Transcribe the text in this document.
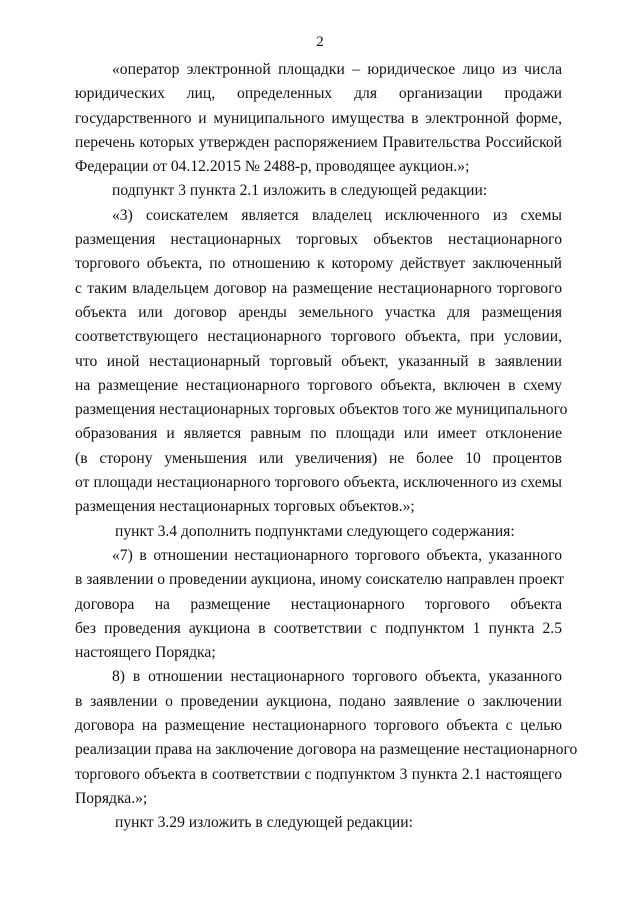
2
«оператор электронной площадки – юридическое лицо из числа
юридических лиц, определенных для организации продажи
государственного и муниципального имущества в электронной форме,
перечень которых утвержден распоряжением Правительства Российской
Федерации от 04.12.2015 № 2488-р, проводящее аукцион.»;
подпункт 3 пункта 2.1 изложить в следующей редакции:
«3) соискателем является владелец исключенного из схемы
размещения нестационарных торговых объектов нестационарного
торгового объекта, по отношению к которому действует заключенный
с таким владельцем договор на размещение нестационарного торгового
объекта или договор аренды земельного участка для размещения
соответствующего нестационарного торгового объекта, при условии,
что иной нестационарный торговый объект, указанный в заявлении
на размещение нестационарного торгового объекта, включен в схему
размещения нестационарных торговых объектов того же муниципального
образования и является равным по площади или имеет отклонение
(в сторону уменьшения или увеличения) не более 10 процентов
от площади нестационарного торгового объекта, исключенного из схемы
размещения нестационарных торговых объектов.»;
пункт 3.4 дополнить подпунктами следующего содержания:
«7) в отношении нестационарного торгового объекта, указанного
в заявлении о проведении аукциона, иному соискателю направлен проект
договора на размещение нестационарного торгового объекта
без проведения аукциона в соответствии с подпунктом 1 пункта 2.5
настоящего Порядка;
8) в отношении нестационарного торгового объекта, указанного
в заявлении о проведении аукциона, подано заявление о заключении
договора на размещение нестационарного торгового объекта с целью
реализации права на заключение договора на размещение нестационарного
торгового объекта в соответствии с подпунктом 3 пункта 2.1 настоящего
Порядка.»;
пункт 3.29 изложить в следующей редакции:
